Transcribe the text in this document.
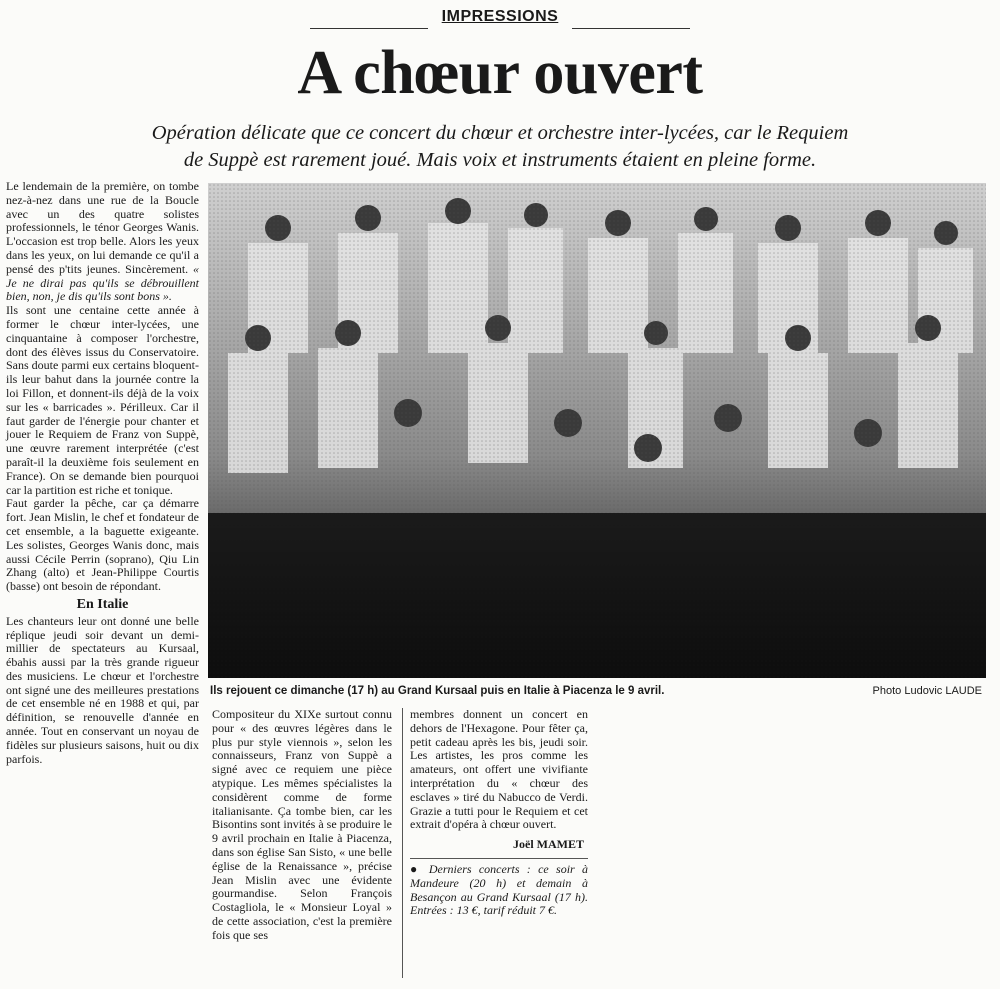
IMPRESSIONS
A chœur ouvert
Opération délicate que ce concert du chœur et orchestre inter-lycées, car le Requiem
de Suppè est rarement joué. Mais voix et instruments étaient en pleine forme.

Le lendemain de la première, on tombe nez-à-nez dans une rue de la Boucle avec un des quatre solistes professionnels, le ténor Georges Wanis. L'occasion est trop belle. Alors les yeux dans les yeux, on lui demande ce qu'il a pensé des p'tits jeunes. Sincèrement. « Je ne dirai pas qu'ils se débrouillent bien, non, je dis qu'ils sont bons ».

Ils sont une centaine cette année à former le chœur inter-lycées, une cinquantaine à composer l'orchestre, dont des élèves issus du Conservatoire. Sans doute parmi eux certains bloquent-ils leur bahut dans la journée contre la loi Fillon, et donnent-ils déjà de la voix sur les « barricades ». Périlleux. Car il faut garder de l'énergie pour chanter et jouer le Requiem de Franz von Suppè, une œuvre rarement interprétée (c'est paraît-il la deuxième fois seulement en France). On se demande bien pourquoi car la partition est riche et tonique.

Faut garder la pêche, car ça démarre fort. Jean Mislin, le chef et fondateur de cet ensemble, a la baguette exigeante. Les solistes, Georges Wanis donc, mais aussi Cécile Perrin (soprano), Qiu Lin Zhang (alto) et Jean-Philippe Courtis (basse) ont besoin de répondant.

En Italie

Les chanteurs leur ont donné une belle réplique jeudi soir devant un demi-millier de spectateurs au Kursaal, ébahis aussi par la très grande rigueur des musiciens. Le chœur et l'orchestre ont signé une des meilleures prestations de cet ensemble né en 1988 et qui, par définition, se renouvelle d'année en année. Tout en conservant un noyau de fidèles sur plusieurs saisons, huit ou dix parfois.

Ils rejouent ce dimanche (17 h) au Grand Kursaal puis en Italie à Piacenza le 9 avril.	Photo Ludovic LAUDE

Compositeur du XIXe surtout connu pour « des œuvres légères dans le plus pur style viennois », selon les connaisseurs, Franz von Suppè a signé avec ce requiem une pièce atypique. Les mêmes spécialistes la considèrent comme de forme italianisante. Ça tombe bien, car les Bisontins sont invités à se produire le 9 avril prochain en Italie à Piacenza, dans son église San Sisto, « une belle église de la Renaissance », précise Jean Mislin avec une évidente gourmandise. Selon François Costagliola, le « Monsieur Loyal » de cette association, c'est la première fois que ses

membres donnent un concert en dehors de l'Hexagone. Pour fêter ça, petit cadeau après les bis, jeudi soir. Les artistes, les pros comme les amateurs, ont offert une vivifiante interprétation du « chœur des esclaves » tiré du Nabucco de Verdi. Grazie a tutti pour le Requiem et cet extrait d'opéra à chœur ouvert.

Joël MAMET

● Derniers concerts : ce soir à Mandeure (20 h) et demain à Besançon au Grand Kursaal (17 h). Entrées : 13 €, tarif réduit 7 €.
